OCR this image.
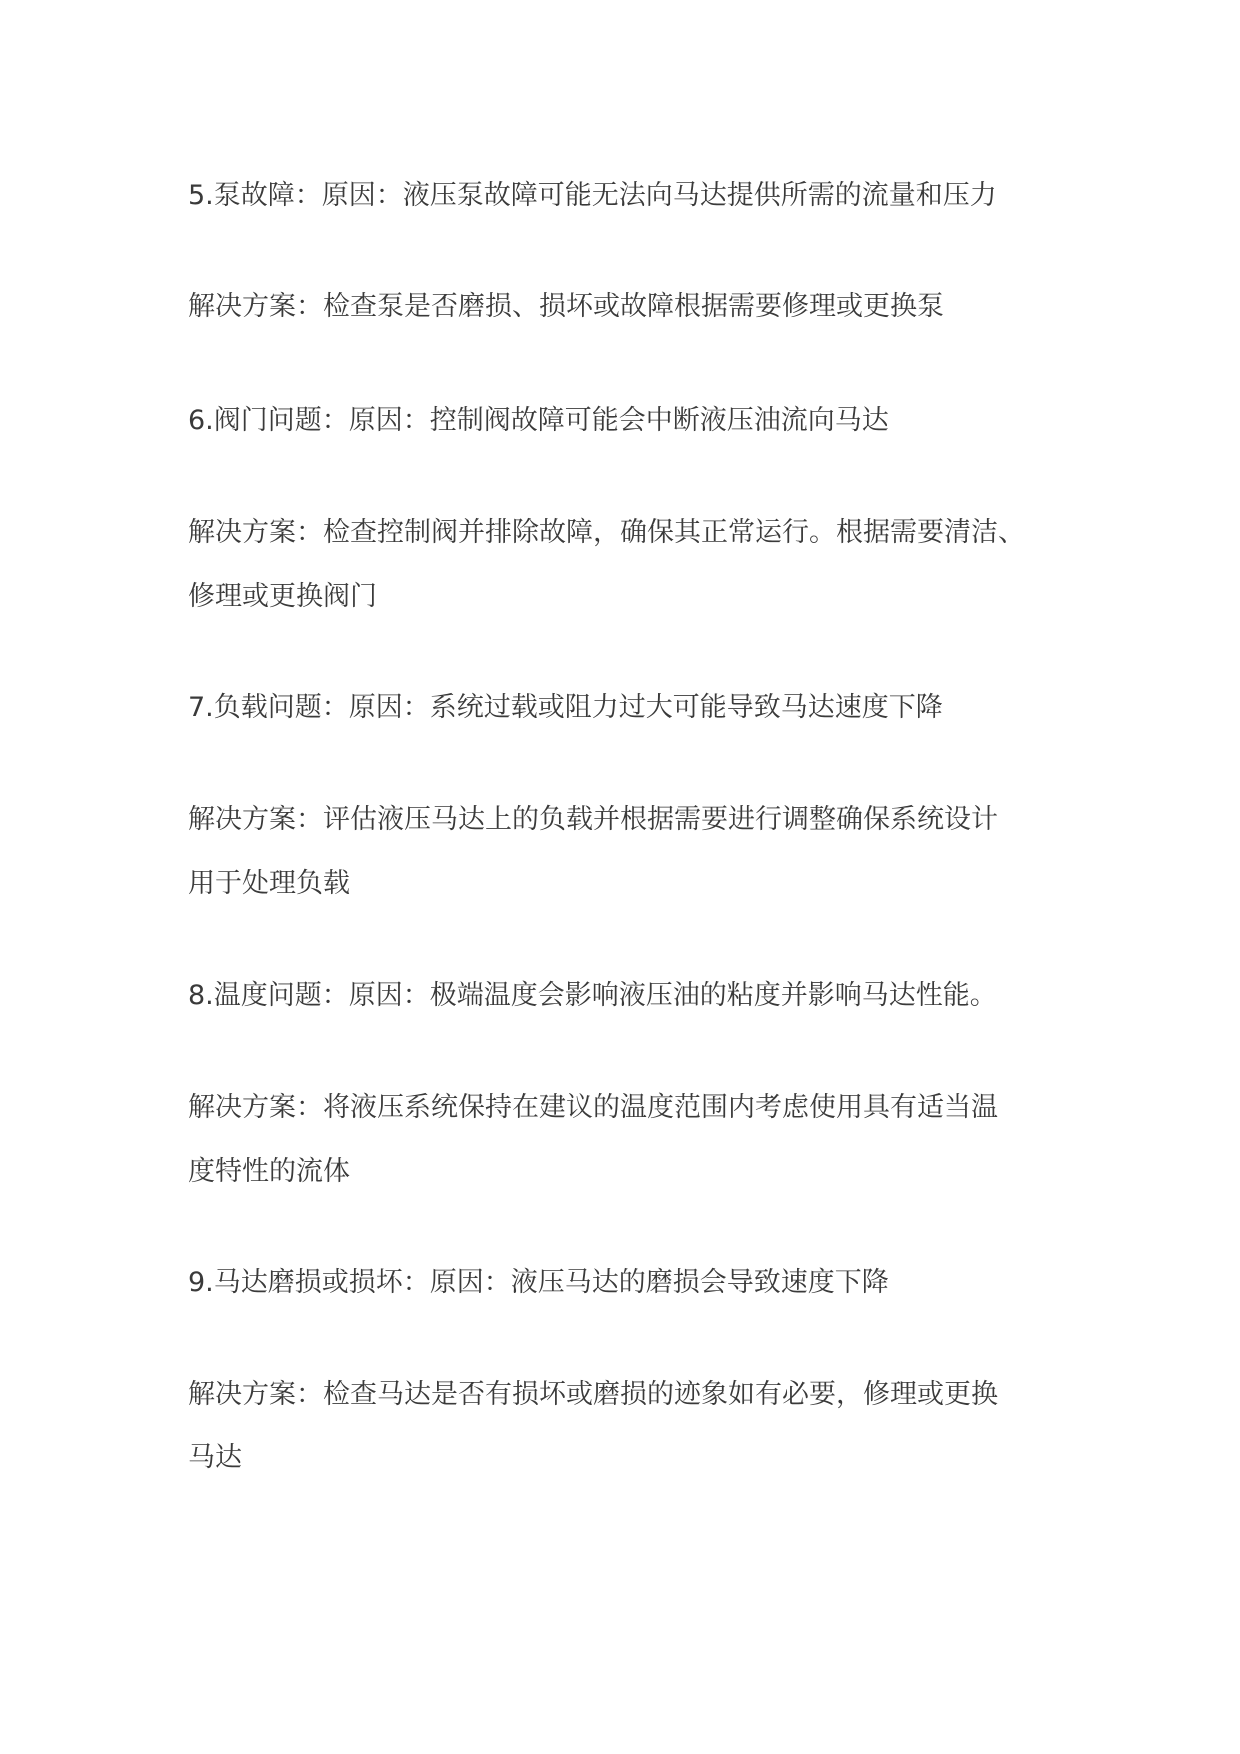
5.泵故障：原因：液压泵故障可能无法向马达提供所需的流量和压力
解决方案：检查泵是否磨损、损坏或故障根据需要修理或更换泵
6.阀门问题：原因：控制阀故障可能会中断液压油流向马达
解决方案：检查控制阀并排除故障，确保其正常运行。根据需要清洁、
修理或更换阀门
7.负载问题：原因：系统过载或阻力过大可能导致马达速度下降
解决方案：评估液压马达上的负载并根据需要进行调整确保系统设计
用于处理负载
8.温度问题：原因：极端温度会影响液压油的粘度并影响马达性能。
解决方案：将液压系统保持在建议的温度范围内考虑使用具有适当温
度特性的流体
9.马达磨损或损坏：原因：液压马达的磨损会导致速度下降
解决方案：检查马达是否有损坏或磨损的迹象如有必要，修理或更换
马达
